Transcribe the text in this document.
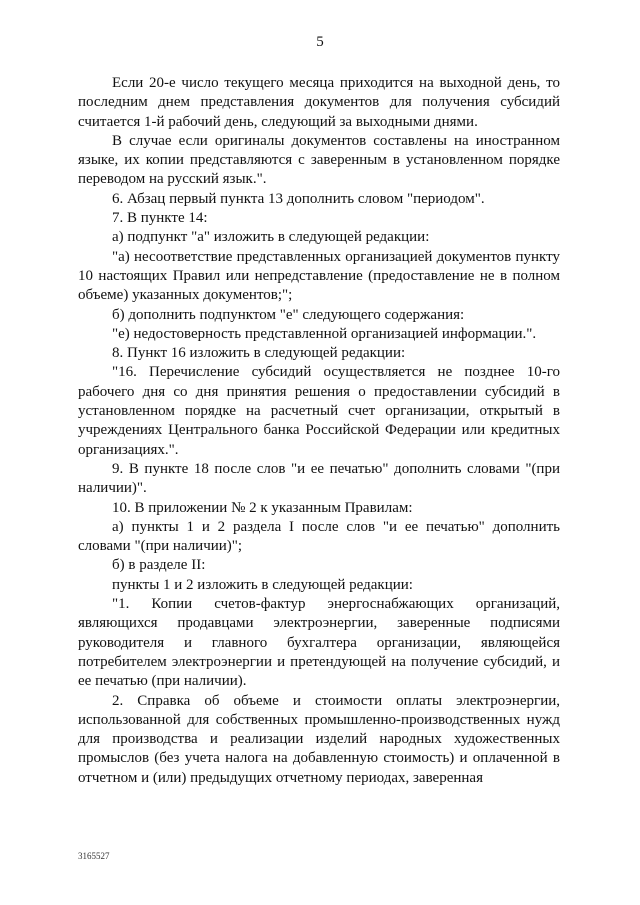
5

Если 20-е число текущего месяца приходится на выходной день, то последним днем представления документов для получения субсидий считается 1-й рабочий день, следующий за выходными днями.

В случае если оригиналы документов составлены на иностранном языке, их копии представляются с заверенным в установленном порядке переводом на русский язык.".

6. Абзац первый пункта 13 дополнить словом "периодом".

7. В пункте 14:

а) подпункт "а" изложить в следующей редакции:

"а) несоответствие представленных организацией документов пункту 10 настоящих Правил или непредставление (предоставление не в полном объеме) указанных документов;";

б) дополнить подпунктом "е" следующего содержания:

"е) недостоверность представленной организацией информации.".

8. Пункт 16 изложить в следующей редакции:

"16. Перечисление субсидий осуществляется не позднее 10-го рабочего дня со дня принятия решения о предоставлении субсидий в установленном порядке на расчетный счет организации, открытый в учреждениях Центрального банка Российской Федерации или кредитных организациях.".

9. В пункте 18 после слов "и ее печатью" дополнить словами "(при наличии)".

10. В приложении № 2 к указанным Правилам:

а) пункты 1 и 2 раздела I после слов "и ее печатью" дополнить словами "(при наличии)";

б) в разделе II:

пункты 1 и 2 изложить в следующей редакции:

"1. Копии счетов-фактур энергоснабжающих организаций, являющихся продавцами электроэнергии, заверенные подписями руководителя и главного бухгалтера организации, являющейся потребителем электроэнергии и претендующей на получение субсидий, и ее печатью (при наличии).

2. Справка об объеме и стоимости оплаты электроэнергии, использованной для собственных промышленно-производственных нужд для производства и реализации изделий народных художественных промыслов (без учета налога на добавленную стоимость) и оплаченной в отчетном и (или) предыдущих отчетному периодах, заверенная

3165527
